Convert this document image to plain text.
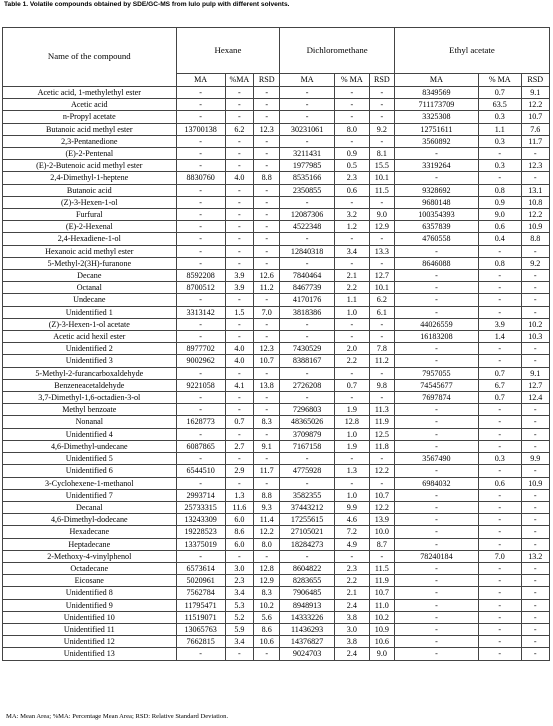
Table 1. Volatile compounds obtained by SDE/GC-MS from lulo pulp with different solvents.
Name of the compound	Hexane			Dichloromethane			Ethyl acetate		
	MA	%MA	RSD	MA	% MA	RSD	MA	% MA	RSD
Acetic acid, 1-methylethyl ester	-	-	-	-	-	-	8349569	0.7	9.1
Acetic acid	-	-	-	-	-	-	711173709	63.5	12.2
n-Propyl acetate	-	-	-	-	-	-	3325308	0.3	10.7
Butanoic acid methyl ester	13700138	6.2	12.3	30231061	8.0	9.2	12751611	1.1	7.6
2,3-Pentanedione	-	-	-	-	-	-	3560892	0.3	11.7
(E)-2-Pentenal	-	-	-	3211431	0.9	8.1	-	-	-
(E)-2-Butenoic acid methyl ester	-	-	-	1977985	0.5	15.5	3319264	0.3	12.3
2,4-Dimethyl-1-heptene	8830760	4.0	8.8	8535166	2.3	10.1	-	-	-
Butanoic acid	-	-	-	2350855	0.6	11.5	9328692	0.8	13.1
(Z)-3-Hexen-1-ol	-	-	-	-	-	-	9680148	0.9	10.8
Furfural	-	-	-	12087306	3.2	9.0	100354393	9.0	12.2
(E)-2-Hexenal	-	-	-	4522348	1.2	12.9	6357839	0.6	10.9
2,4-Hexadiene-1-ol	-	-	-	-	-	-	4760558	0.4	8.8
Hexanoic acid methyl ester	-	-	-	12840318	3.4	13.3	-	-	-
5-Methyl-2(3H)-furanone	-	-	-	-	-	-	8646088	0.8	9.2
Decane	8592208	3.9	12.6	7840464	2.1	12.7	-	-	-
Octanal	8700512	3.9	11.2	8467739	2.2	10.1	-	-	-
Undecane	-	-	-	4170176	1.1	6.2	-	-	-
Unidentified 1	3313142	1.5	7.0	3818386	1.0	6.1	-	-	-
(Z)-3-Hexen-1-ol acetate	-	-	-	-	-	-	44026559	3.9	10.2
Acetic acid hexil ester	-	-	-	-	-	-	16183208	1.4	10.3
Unidentified 2	8977702	4.0	12.3	7430529	2.0	7.8	-	-	-
Unidentified 3	9002962	4.0	10.7	8388167	2.2	11.2	-	-	-
5-Methyl-2-furancarboxaldehyde	-	-	-	-	-	-	7957055	0.7	9.1
Benzeneacetaldehyde	9221058	4.1	13.8	2726208	0.7	9.8	74545677	6.7	12.7
3,7-Dimethyl-1,6-octadien-3-ol	-	-	-	-	-	-	7697874	0.7	12.4
Methyl benzoate	-	-	-	7296803	1.9	11.3	-	-	-
Nonanal	1628773	0.7	8.3	48365026	12.8	11.9	-	-	-
Unidentified 4	-	-	-	3709879	1.0	12.5	-	-	-
4,6-Dimethyl-undecane	6087865	2.7	9.1	7167158	1.9	11.8	-	-	-
Unidentified 5	-	-	-	-	-	-	3567490	0.3	9.9
Unidentified 6	6544510	2.9	11.7	4775928	1.3	12.2	-	-	-
3-Cyclohexene-1-methanol	-	-	-	-	-	-	6984032	0.6	10.9
Unidentified 7	2993714	1.3	8.8	3582355	1.0	10.7	-	-	-
Decanal	25733315	11.6	9.3	37443212	9.9	12.2	-	-	-
4,6-Dimethyl-dodecane	13243309	6.0	11.4	17255615	4.6	13.9	-	-	-
Hexadecane	19228523	8.6	12.2	27105021	7.2	10.0	-	-	-
Heptadecane	13375019	6.0	8.0	18284273	4.9	8.7	-	-	-
2-Methoxy-4-vinylphenol	-	-	-	-	-	-	78240184	7.0	13.2
Octadecane	6573614	3.0	12.8	8604822	2.3	11.5	-	-	-
Eicosane	5020961	2.3	12.9	8283655	2.2	11.9	-	-	-
Unidentified 8	7562784	3.4	8.3	7906485	2.1	10.7	-	-	-
Unidentified 9	11795471	5.3	10.2	8948913	2.4	11.0	-	-	-
Unidentified 10	11519071	5.2	5.6	14333226	3.8	10.2	-	-	-
Unidentified 11	13065763	5.9	8.6	11436293	3.0	10.9	-	-	-
Unidentified 12	7662815	3.4	10.6	14376827	3.8	10.6	-	-	-
Unidentified 13	-	-	-	9024703	2.4	9.0	-	-	-
MA: Mean Area; %MA: Percentage Mean Area; RSD: Relative Standard Deviation.
